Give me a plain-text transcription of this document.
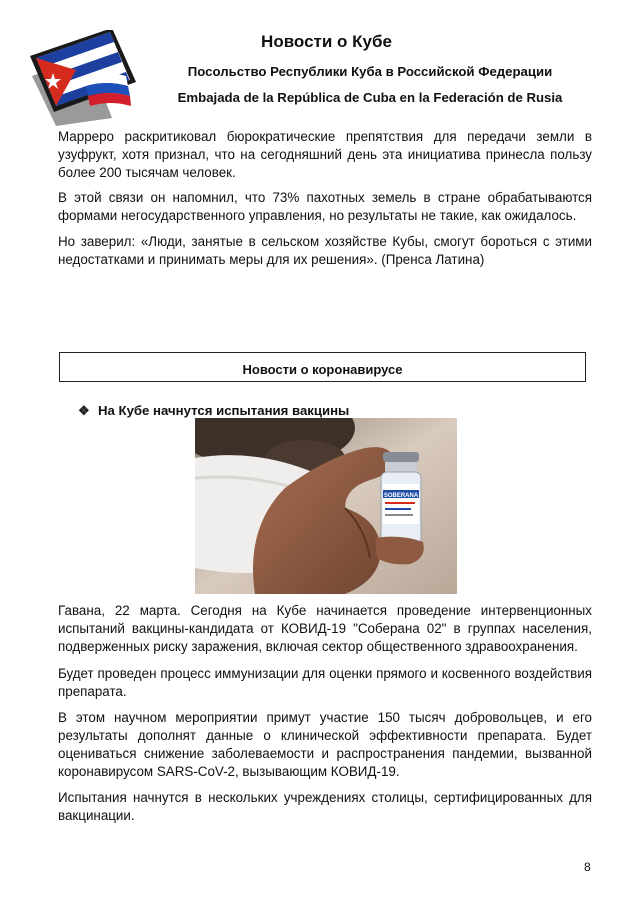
Новости о Кубе
Посольство Республики Куба в Российской Федерации
Embajada de la República de Cuba en la Federación de Rusia

Марреро раскритиковал бюрократические препятствия для передачи земли в узуфрукт, хотя признал, что на сегодняшний день эта инициатива принесла пользу более 200 тысячам человек.

В этой связи он напомнил, что 73% пахотных земель в стране обрабатываются формами негосударственного управления, но результаты не такие, как ожидалось.

Но заверил: «Люди, занятые в сельском хозяйстве Кубы, смогут бороться с этими недостатками и принимать меры для их решения». (Пренса Латина)

Новости о коронавирусе
❖ На Кубе начнутся испытания вакцины
SOBERANA

Гавана, 22 марта. Сегодня на Кубе начинается проведение интервенционных испытаний вакцины-кандидата от КОВИД-19 "Соберана 02" в группах населения, подверженных риску заражения, включая сектор общественного здравоохранения.

Будет проведен процесс иммунизации для оценки прямого и косвенного воздействия препарата.

В этом научном мероприятии примут участие 150 тысяч добровольцев, и его результаты дополнят данные о клинической эффективности препарата. Будет оцениваться снижение заболеваемости и распространения пандемии, вызванной коронавирусом SARS-CoV-2, вызывающим КОВИД-19.

Испытания начнутся в нескольких учреждениях столицы, сертифицированных для вакцинации.

8
